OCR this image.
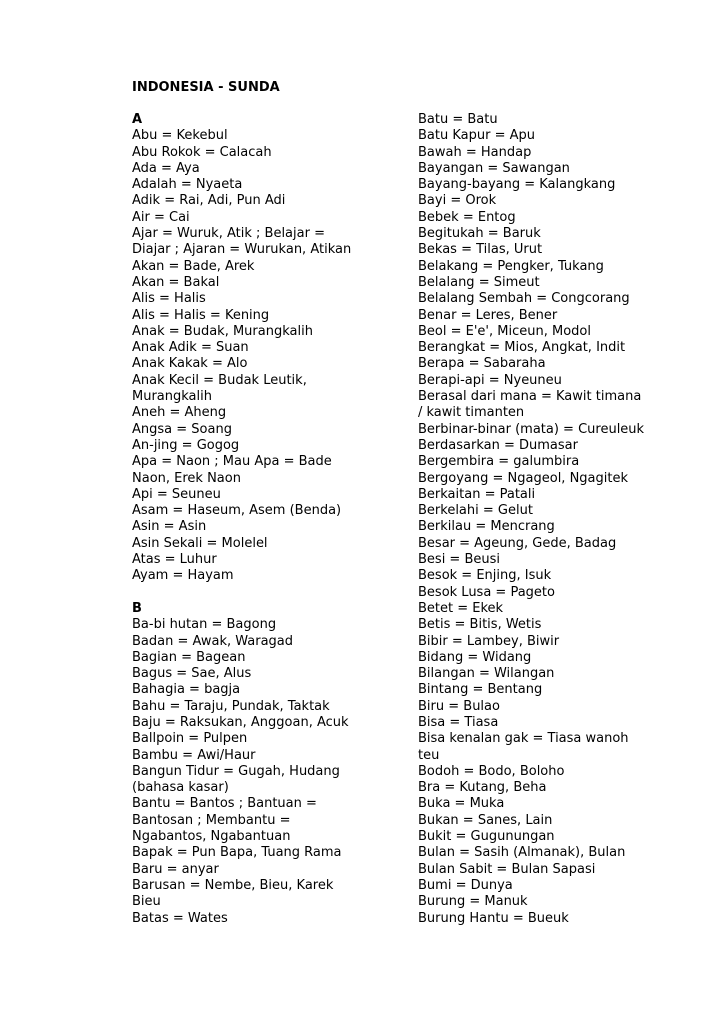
INDONESIA - SUNDA
A
Abu = Kekebul
Abu Rokok = Calacah
Ada = Aya
Adalah = Nyaeta
Adik = Rai, Adi, Pun Adi
Air = Cai
Ajar = Wuruk, Atik ; Belajar =
Diajar ; Ajaran = Wurukan, Atikan
Akan = Bade, Arek
Akan = Bakal
Alis = Halis
Alis = Halis = Kening
Anak = Budak, Murangkalih
Anak Adik = Suan
Anak Kakak = Alo
Anak Kecil = Budak Leutik,
Murangkalih
Aneh = Aheng
Angsa = Soang
An-jing = Gogog
Apa = Naon ; Mau Apa = Bade
Naon, Erek Naon
Api = Seuneu
Asam = Haseum, Asem (Benda)
Asin = Asin
Asin Sekali = Molelel
Atas = Luhur
Ayam = Hayam
B
Ba-bi hutan = Bagong
Badan = Awak, Waragad
Bagian = Bagean
Bagus = Sae, Alus
Bahagia = bagja
Bahu = Taraju, Pundak, Taktak
Baju = Raksukan, Anggoan, Acuk
Ballpoin = Pulpen
Bambu = Awi/Haur
Bangun Tidur = Gugah, Hudang
(bahasa kasar)
Bantu = Bantos ; Bantuan =
Bantosan ; Membantu =
Ngabantos, Ngabantuan
Bapak = Pun Bapa, Tuang Rama
Baru = anyar
Barusan = Nembe, Bieu, Karek
Bieu
Batas = Wates
Batu = Batu
Batu Kapur = Apu
Bawah = Handap
Bayangan = Sawangan
Bayang-bayang = Kalangkang
Bayi = Orok
Bebek = Entog
Begitukah = Baruk
Bekas = Tilas, Urut
Belakang = Pengker, Tukang
Belalang = Simeut
Belalang Sembah = Congcorang
Benar = Leres, Bener
Beol = E'e', Miceun, Modol
Berangkat = Mios, Angkat, Indit
Berapa = Sabaraha
Berapi-api = Nyeuneu
Berasal dari mana = Kawit timana
/ kawit timanten
Berbinar-binar (mata) = Cureuleuk
Berdasarkan = Dumasar
Bergembira = galumbira
Bergoyang = Ngageol, Ngagitek
Berkaitan = Patali
Berkelahi = Gelut
Berkilau = Mencrang
Besar = Ageung, Gede, Badag
Besi = Beusi
Besok = Enjing, Isuk
Besok Lusa = Pageto
Betet = Ekek
Betis = Bitis, Wetis
Bibir = Lambey, Biwir
Bidang = Widang
Bilangan = Wilangan
Bintang = Bentang
Biru = Bulao
Bisa = Tiasa
Bisa kenalan gak = Tiasa wanoh
teu
Bodoh = Bodo, Boloho
Bra = Kutang, Beha
Buka = Muka
Bukan = Sanes, Lain
Bukit = Gugunungan
Bulan = Sasih (Almanak), Bulan
Bulan Sabit = Bulan Sapasi
Bumi = Dunya
Burung = Manuk
Burung Hantu = Bueuk
